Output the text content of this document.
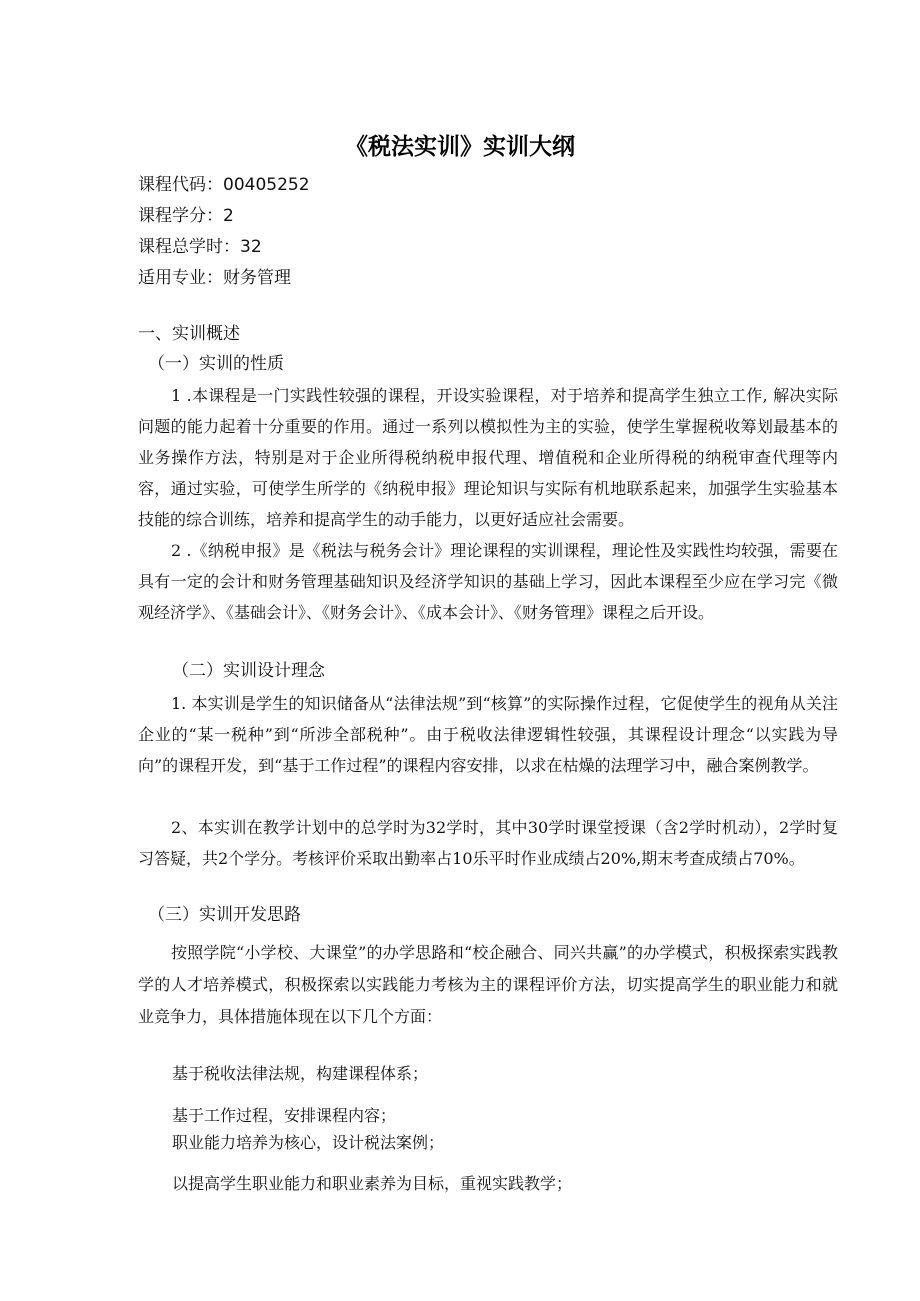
《税法实训》实训大纲
课程代码：00405252
课程学分：2
课程总学时：32
适用专业：财务管理
一、实训概述
（一）实训的性质
1 .本课程是一门实践性较强的课程，开设实验课程，对于培养和提高学生独立工作, 解决实际问题的能力起着十分重要的作用。通过一系列以模拟性为主的实验，使学生掌握税收筹划最基本的业务操作方法，特别是对于企业所得税纳税申报代理、增值税和企业所得税的纳税审查代理等内容，通过实验，可使学生所学的《纳税申报》理论知识与实际有机地联系起来，加强学生实验基本技能的综合训练，培养和提高学生的动手能力，以更好适应社会需要。
2 .《纳税申报》是《税法与税务会计》理论课程的实训课程，理论性及实践性均较强，需要在具有一定的会计和财务管理基础知识及经济学知识的基础上学习，因此本课程至少应在学习完《微观经济学》、《基础会计》、《财务会计》、《成本会计》、《财务管理》课程之后开设。
（二）实训设计理念
1. 本实训是学生的知识储备从“法律法规”到“核算”的实际操作过程，它促使学生的视角从关注企业的“某一税种”到“所涉全部税种”。由于税收法律逻辑性较强，其课程设计理念“以实践为导向”的课程开发，到“基于工作过程”的课程内容安排，以求在枯燥的法理学习中，融合案例教学。
2、本实训在教学计划中的总学时为32学时，其中30学时课堂授课（含2学时机动），2学时复习答疑，共2个学分。考核评价采取出勤率占10乐平时作业成绩占20%,期末考查成绩占70%。
（三）实训开发思路
按照学院“小学校、大课堂”的办学思路和“校企融合、同兴共赢”的办学模式，积极探索实践教学的人才培养模式，积极探索以实践能力考核为主的课程评价方法，切实提高学生的职业能力和就业竞争力，具体措施体现在以下几个方面：
基于税收法律法规，构建课程体系；
基于工作过程，安排课程内容；
职业能力培养为核心，设计税法案例；
以提高学生职业能力和职业素养为目标，重视实践教学；
